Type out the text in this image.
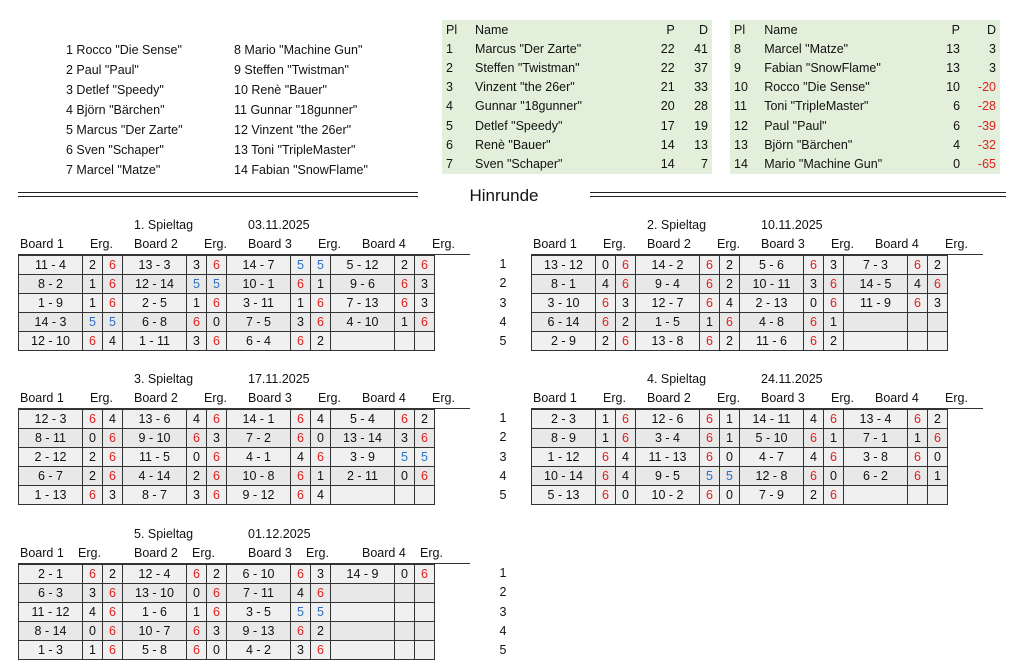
1 Rocco "Die Sense"
2 Paul "Paul"
3 Detlef "Speedy"
4 Björn "Bärchen"
5 Marcus "Der Zarte"
6 Sven "Schaper"
7 Marcel "Matze"
8 Mario "Machine Gun"
9 Steffen "Twistman"
10 Renè "Bauer"
11 Gunnar "18gunner"
12 Vinzent "the 26er"
13 Toni "TripleMaster"
14 Fabian "SnowFlame"
Pl	Name	P	D
1	Marcus "Der Zarte"	22	41
2	Steffen "Twistman"	22	37
3	Vinzent "the 26er"	21	33
4	Gunnar "18gunner"	20	28
5	Detlef "Speedy"	17	19
6	Renè "Bauer"	14	13
7	Sven "Schaper"	14	7
Pl	Name	P	D
8	Marcel "Matze"	13	3
9	Fabian "SnowFlame"	13	3
10	Rocco "Die Sense"	10	-20
11	Toni "TripleMaster"	6	-28
12	Paul "Paul"	6	-39
13	Björn "Bärchen"	4	-32
14	Mario "Machine Gun"	0	-65
Hinrunde
1. Spieltag	03.11.2025
Board 1 Erg. Board 2 Erg. Board 3 Erg. Board 4 Erg.
11 - 4	2	6	13 - 3	3	6	14 - 7	5	5	5 - 12	2	6
8 - 2	1	6	12 - 14	5	5	10 - 1	6	1	9 - 6	6	3
1 - 9	1	6	2 - 5	1	6	3 - 11	1	6	7 - 13	6	3
14 - 3	5	5	6 - 8	6	0	7 - 5	3	6	4 - 10	1	6
12 - 10	6	4	1 - 11	3	6	6 - 4	6	2			
1
2
3
4
5
2. Spieltag	10.11.2025
Board 1 Erg. Board 2 Erg. Board 3 Erg. Board 4 Erg.
13 - 12	0	6	14 - 2	6	2	5 - 6	6	3	7 - 3	6	2
8 - 1	4	6	9 - 4	6	2	10 - 11	3	6	14 - 5	4	6
3 - 10	6	3	12 - 7	6	4	2 - 13	0	6	11 - 9	6	3
6 - 14	6	2	1 - 5	1	6	4 - 8	6	1			
2 - 9	2	6	13 - 8	6	2	11 - 6	6	2			
3. Spieltag	17.11.2025
Board 1 Erg. Board 2 Erg. Board 3 Erg. Board 4 Erg.
12 - 3	6	4	13 - 6	4	6	14 - 1	6	4	5 - 4	6	2
8 - 11	0	6	9 - 10	6	3	7 - 2	6	0	13 - 14	3	6
2 - 12	2	6	11 - 5	0	6	4 - 1	4	6	3 - 9	5	5
6 - 7	2	6	4 - 14	2	6	10 - 8	6	1	2 - 11	0	6
1 - 13	6	3	8 - 7	3	6	9 - 12	6	4			
1
2
3
4
5
4. Spieltag	24.11.2025
Board 1 Erg. Board 2 Erg. Board 3 Erg. Board 4 Erg.
2 - 3	1	6	12 - 6	6	1	14 - 11	4	6	13 - 4	6	2
8 - 9	1	6	3 - 4	6	1	5 - 10	6	1	7 - 1	1	6
1 - 12	6	4	11 - 13	6	0	4 - 7	4	6	3 - 8	6	0
10 - 14	6	4	9 - 5	5	5	12 - 8	6	0	6 - 2	6	1
5 - 13	6	0	10 - 2	6	0	7 - 9	2	6			
5. Spieltag	01.12.2025
Board 1 Erg.	Board 2 Erg.	Board 3 Erg.	Board 4 Erg.
2 - 1	6	2	12 - 4	6	2	6 - 10	6	3	14 - 9	0	6
6 - 3	3	6	13 - 10	0	6	7 - 11	4	6			
11 - 12	4	6	1 - 6	1	6	3 - 5	5	5			
8 - 14	0	6	10 - 7	6	3	9 - 13	6	2			
1 - 3	1	6	5 - 8	6	0	4 - 2	3	6			
1
2
3
4
5
